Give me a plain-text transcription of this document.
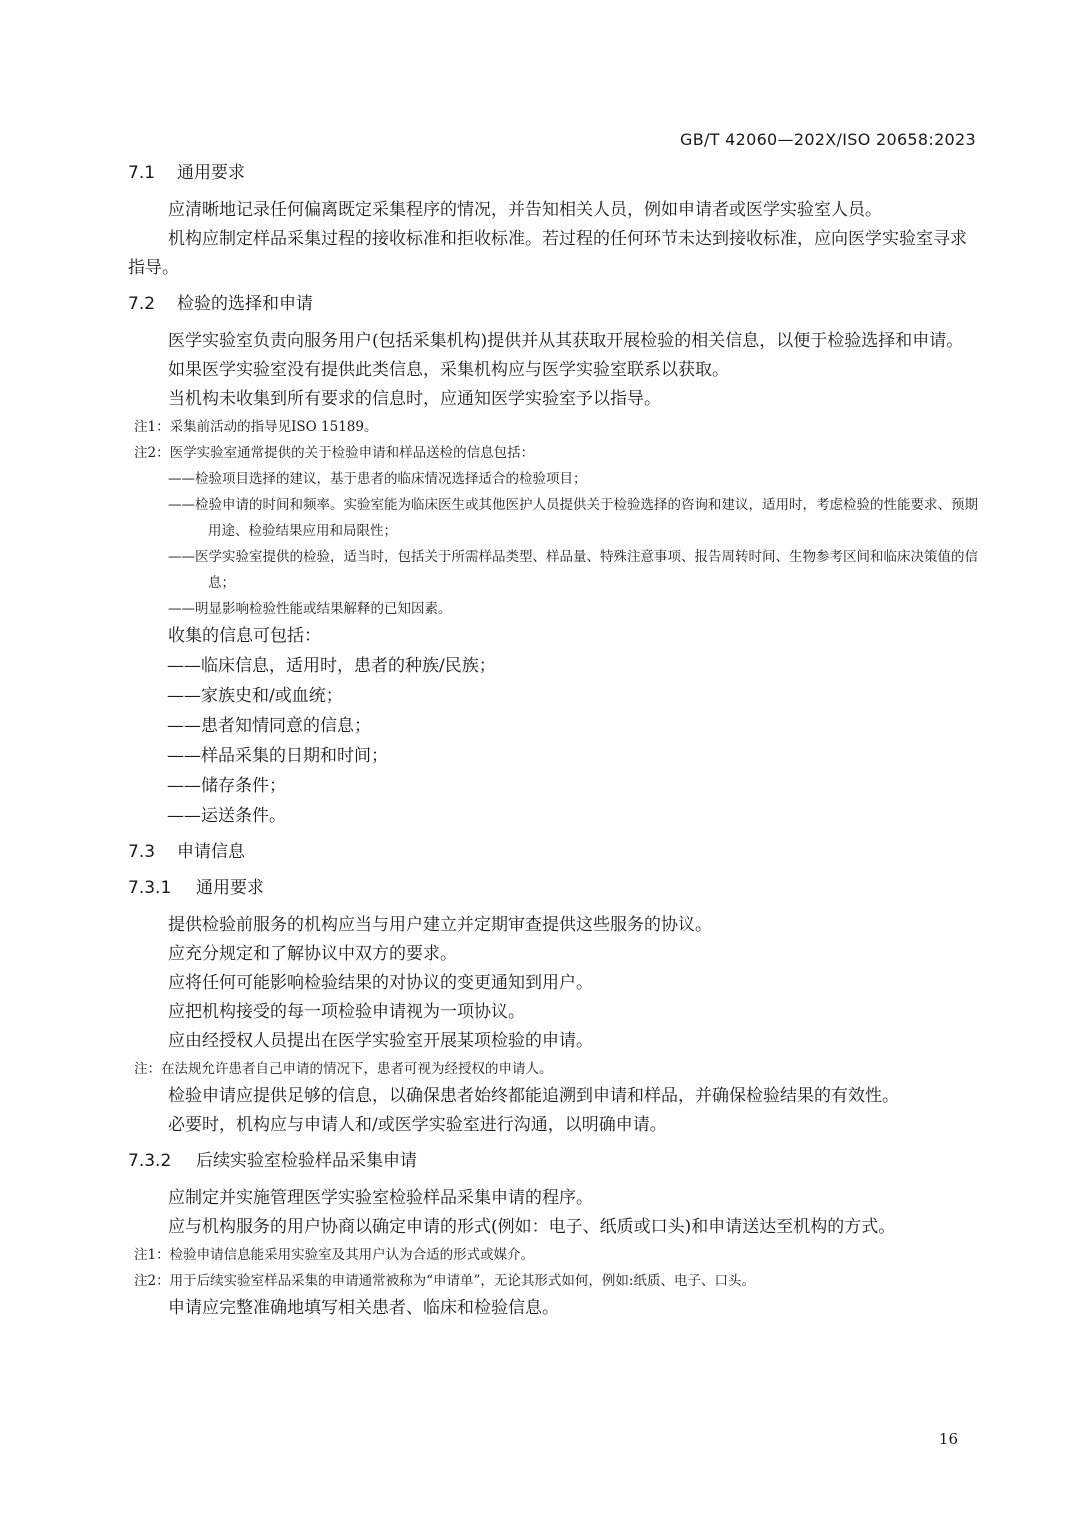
GB/T 42060—202X/ISO 20658:2023
7.1 通用要求
应清晰地记录任何偏离既定采集程序的情况，并告知相关人员，例如申请者或医学实验室人员。
机构应制定样品采集过程的接收标准和拒收标准。若过程的任何环节未达到接收标准，应向医学实验室寻求指导。
7.2 检验的选择和申请
医学实验室负责向服务用户(包括采集机构)提供并从其获取开展检验的相关信息，以便于检验选择和申请。
如果医学实验室没有提供此类信息，采集机构应与医学实验室联系以获取。
当机构未收集到所有要求的信息时，应通知医学实验室予以指导。
注1：采集前活动的指导见ISO 15189。
注2：医学实验室通常提供的关于检验申请和样品送检的信息包括：
——检验项目选择的建议，基于患者的临床情况选择适合的检验项目；
——检验申请的时间和频率。实验室能为临床医生或其他医护人员提供关于检验选择的咨询和建议，适用时，考虑检验的性能要求、预期用途、检验结果应用和局限性；
——医学实验室提供的检验，适当时，包括关于所需样品类型、样品量、特殊注意事项、报告周转时间、生物参考区间和临床决策值的信息；
——明显影响检验性能或结果解释的已知因素。
收集的信息可包括：
——临床信息，适用时，患者的种族/民族；
——家族史和/或血统；
——患者知情同意的信息；
——样品采集的日期和时间；
——储存条件；
——运送条件。
7.3 申请信息
7.3.1 通用要求
提供检验前服务的机构应当与用户建立并定期审查提供这些服务的协议。
应充分规定和了解协议中双方的要求。
应将任何可能影响检验结果的对协议的变更通知到用户。
应把机构接受的每一项检验申请视为一项协议。
应由经授权人员提出在医学实验室开展某项检验的申请。
注：在法规允许患者自己申请的情况下，患者可视为经授权的申请人。
检验申请应提供足够的信息，以确保患者始终都能追溯到申请和样品，并确保检验结果的有效性。
必要时，机构应与申请人和/或医学实验室进行沟通，以明确申请。
7.3.2 后续实验室检验样品采集申请
应制定并实施管理医学实验室检验样品采集申请的程序。
应与机构服务的用户协商以确定申请的形式(例如：电子、纸质或口头)和申请送达至机构的方式。
注1：检验申请信息能采用实验室及其用户认为合适的形式或媒介。
注2：用于后续实验室样品采集的申请通常被称为“申请单”，无论其形式如何，例如:纸质、电子、口头。
申请应完整准确地填写相关患者、临床和检验信息。
16
